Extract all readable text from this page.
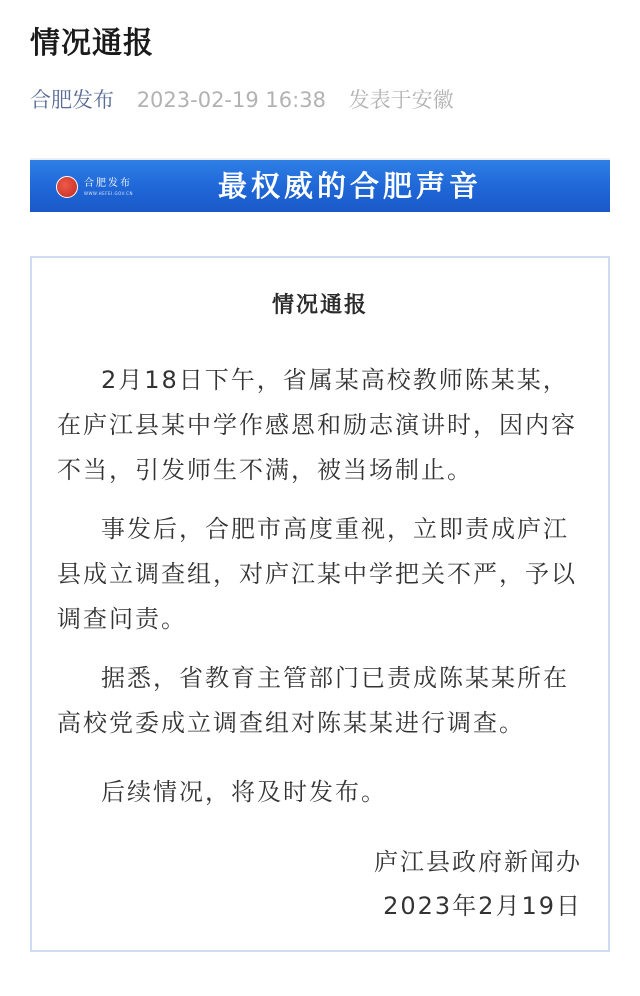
情况通报
合肥发布 2023-02-19 16:38 发表于安徽
合肥发布
WWW.HEFEI.GOV.CN	最权威的合肥声音
情况通报

2月18日下午，省属某高校教师陈某某，在庐江县某中学作感恩和励志演讲时，因内容不当，引发师生不满，被当场制止。

事发后，合肥市高度重视，立即责成庐江县成立调查组，对庐江某中学把关不严，予以调查问责。

据悉，省教育主管部门已责成陈某某所在高校党委成立调查组对陈某某进行调查。

后续情况，将及时发布。

庐江县政府新闻办
2023年2月19日
